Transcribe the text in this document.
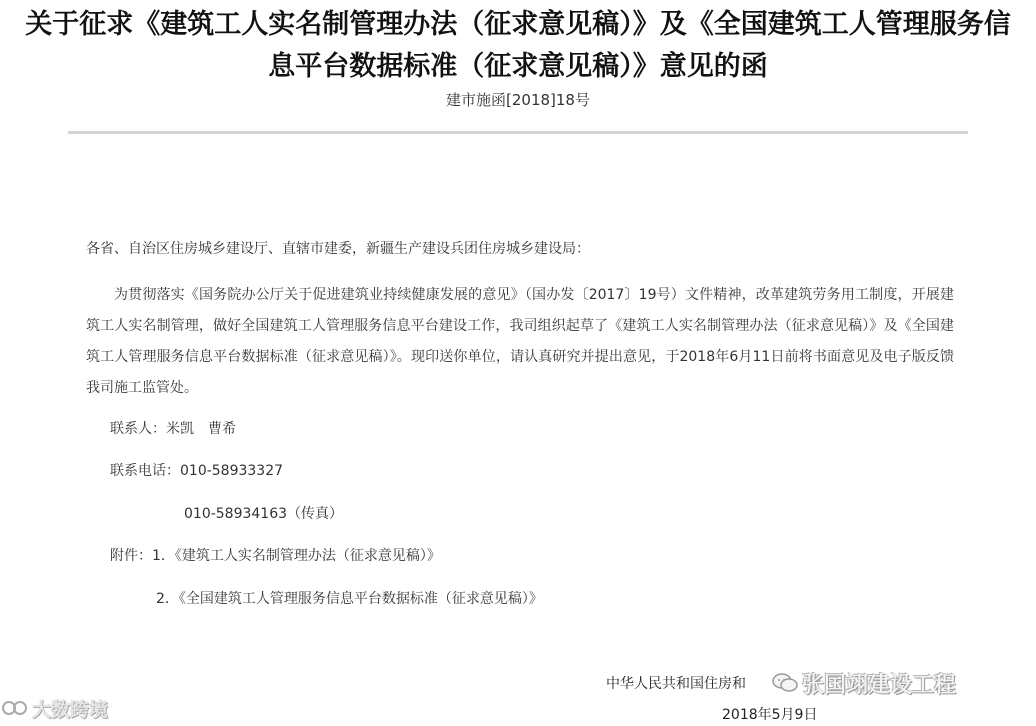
关于征求《建筑工人实名制管理办法（征求意见稿）》及《全国建筑工人管理服务信
息平台数据标准（征求意见稿）》意见的函
建市施函[2018]18号
各省、自治区住房城乡建设厅、直辖市建委，新疆生产建设兵团住房城乡建设局：
为贯彻落实《国务院办公厅关于促进建筑业持续健康发展的意见》（国办发〔2017〕19号）文件精神，改革建筑劳务用工制度，开展建筑工人实名制管理，做好全国建筑工人管理服务信息平台建设工作，我司组织起草了《建筑工人实名制管理办法（征求意见稿）》及《全国建筑工人管理服务信息平台数据标准（征求意见稿）》。现印送你单位，请认真研究并提出意见，于2018年6月11日前将书面意见及电子版反馈我司施工监管处。
联系人：米凯　曹希
联系电话：010-58933327
010-58934163（传真）
附件：1．《建筑工人实名制管理办法（征求意见稿）》
2．《全国建筑工人管理服务信息平台数据标准（征求意见稿）》
中华人民共和国住房和
2018年5月9日
大数跨境
张国翊建设工程
